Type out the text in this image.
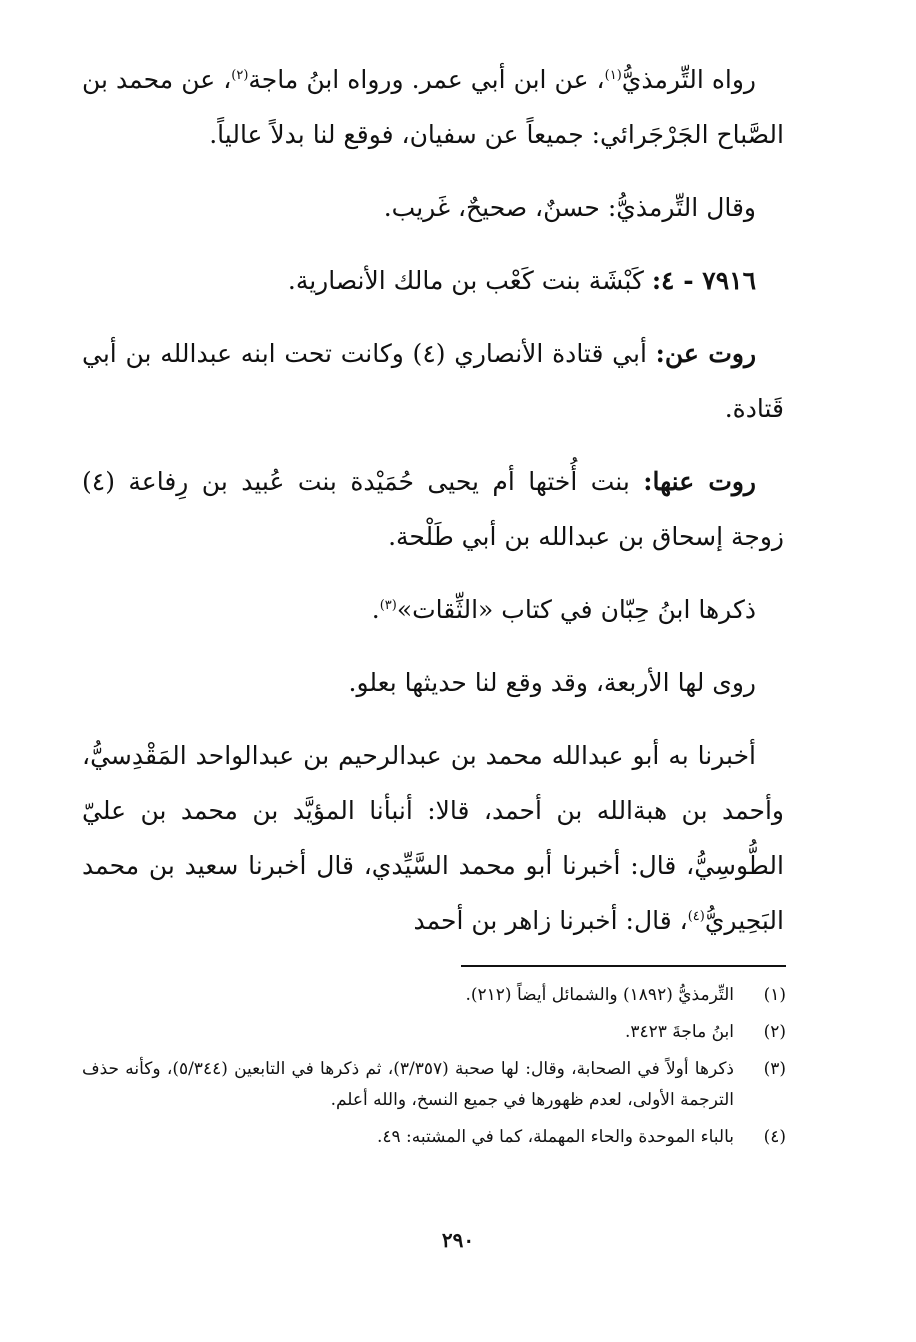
رواه التِّرمذيُّ$^{(١)}$، عن ابن أبي عمر. ورواه ابنُ ماجة$^{(٢)}$، عن محمد بن الصَّباح الجَرْجَرائي: جميعاً عن سفيان، فوقع لنا بدلاً عالياً.

وقال التِّرمذيُّ: حسنٌ، صحيحٌ، غَريب.

٧٩١٦ - ٤: كَبْشَة بنت كَعْب بن مالك الأنصارية.

روت عن: أبي قتادة الأنصاري (٤) وكانت تحت ابنه عبدالله بن أبي قَتادة.

روت عنها: بنت أُختها أم يحيى حُمَيْدة بنت عُبيد بن رِفاعة (٤) زوجة إسحاق بن عبدالله بن أبي طَلْحة.

ذكرها ابنُ حِبّان في كتاب «الثِّقات»$^{(٣)}$.

روى لها الأربعة، وقد وقع لنا حديثها بعلو.

أخبرنا به أبو عبدالله محمد بن عبدالرحيم بن عبدالواحد المَقْدِسيُّ، وأحمد بن هبةالله بن أحمد، قالا: أنبأنا المؤيَّد بن محمد بن عليّ الطُّوسِيُّ، قال: أخبرنا أبو محمد السَّيِّدي، قال أخبرنا سعيد بن محمد البَحِيريُّ$^{(٤)}$، قال: أخبرنا زاهر بن أحمد

(١)
التِّرمذيُّ (١٨٩٢) والشمائل أيضاً (٢١٢).
(٢)
ابنُ ماجةَ ٣٤٢٣.
(٣)
ذكرها أولاً في الصحابة، وقال: لها صحبة (٣/٣٥٧)، ثم ذكرها في التابعين (٥/٣٤٤)، وكأنه حذف الترجمة الأولى، لعدم ظهورها في جميع النسخ، والله أعلم.
(٤)
بالباء الموحدة والحاء المهملة، كما في المشتبه: ٤٩.
٢٩٠
